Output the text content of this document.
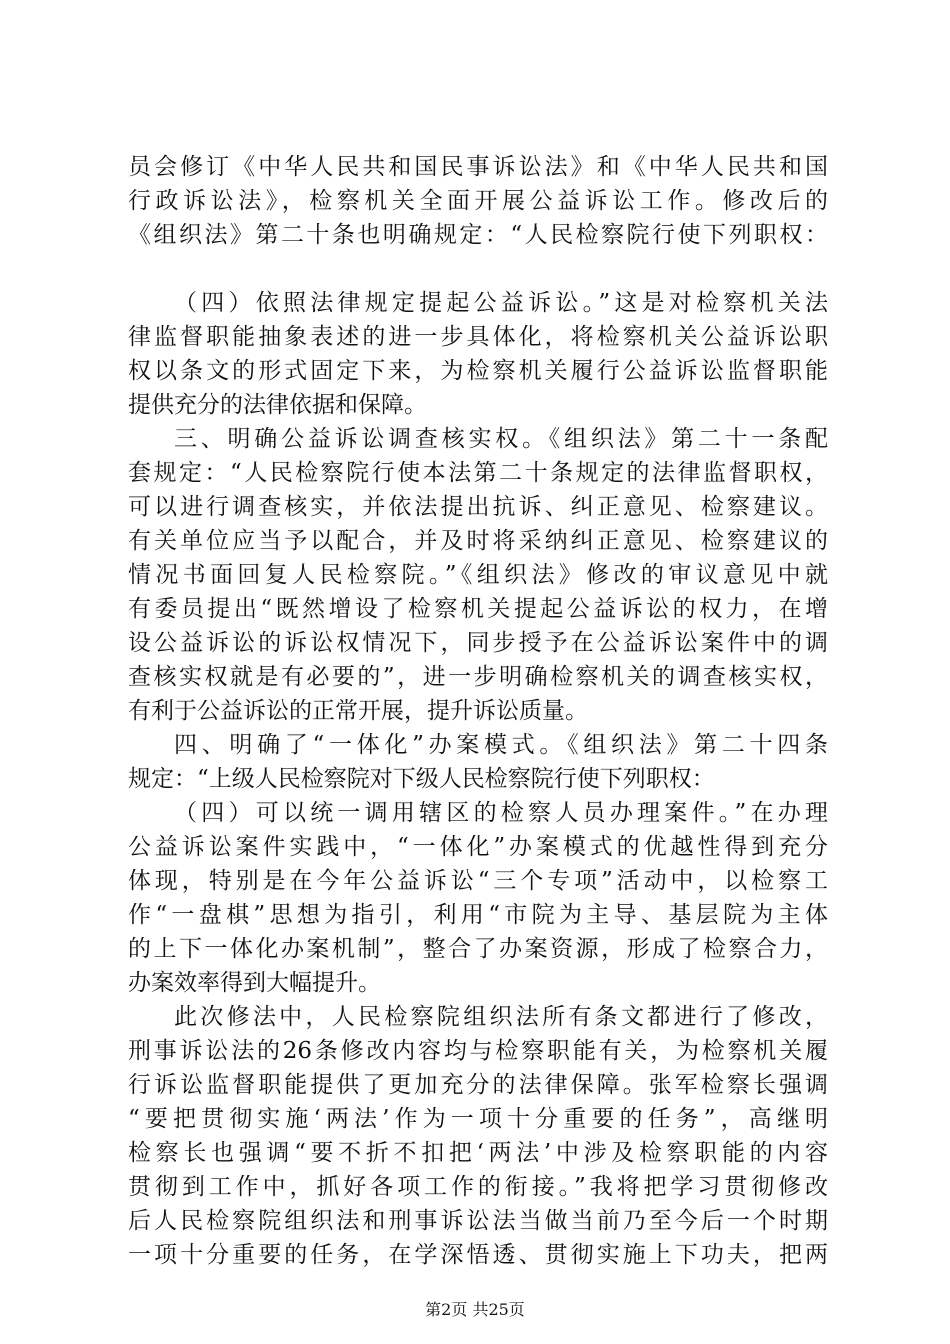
员会修订《中华人民共和国民事诉讼法》和《中华人民共和国
行政诉讼法》，检察机关全面开展公益诉讼工作。修改后的
《组织法》第二十条也明确规定：“人民检察院行使下列职权：
（四）依照法律规定提起公益诉讼。”这是对检察机关法
律监督职能抽象表述的进一步具体化，将检察机关公益诉讼职
权以条文的形式固定下来，为检察机关履行公益诉讼监督职能
提供充分的法律依据和保障。
三、明确公益诉讼调查核实权。《组织法》第二十一条配
套规定：“人民检察院行使本法第二十条规定的法律监督职权，
可以进行调查核实，并依法提出抗诉、纠正意见、检察建议。
有关单位应当予以配合，并及时将采纳纠正意见、检察建议的
情况书面回复人民检察院。”《组织法》修改的审议意见中就
有委员提出“既然增设了检察机关提起公益诉讼的权力，在增
设公益诉讼的诉讼权情况下，同步授予在公益诉讼案件中的调
查核实权就是有必要的”，进一步明确检察机关的调查核实权，
有利于公益诉讼的正常开展，提升诉讼质量。
四、明确了“一体化”办案模式。《组织法》第二十四条
规定：“上级人民检察院对下级人民检察院行使下列职权：
（四）可以统一调用辖区的检察人员办理案件。”在办理
公益诉讼案件实践中，“一体化”办案模式的优越性得到充分
体现，特别是在今年公益诉讼“三个专项”活动中，以检察工
作“一盘棋”思想为指引，利用“市院为主导、基层院为主体
的上下一体化办案机制”，整合了办案资源，形成了检察合力，
办案效率得到大幅提升。
此次修法中，人民检察院组织法所有条文都进行了修改，
刑事诉讼法的26条修改内容均与检察职能有关，为检察机关履
行诉讼监督职能提供了更加充分的法律保障。张军检察长强调
“要把贯彻实施‘两法’作为一项十分重要的任务”，高继明
检察长也强调“要不折不扣把‘两法’中涉及检察职能的内容
贯彻到工作中，抓好各项工作的衔接。”我将把学习贯彻修改
后人民检察院组织法和刑事诉讼法当做当前乃至今后一个时期
一项十分重要的任务，在学深悟透、贯彻实施上下功夫，把两
第2页 共25页
